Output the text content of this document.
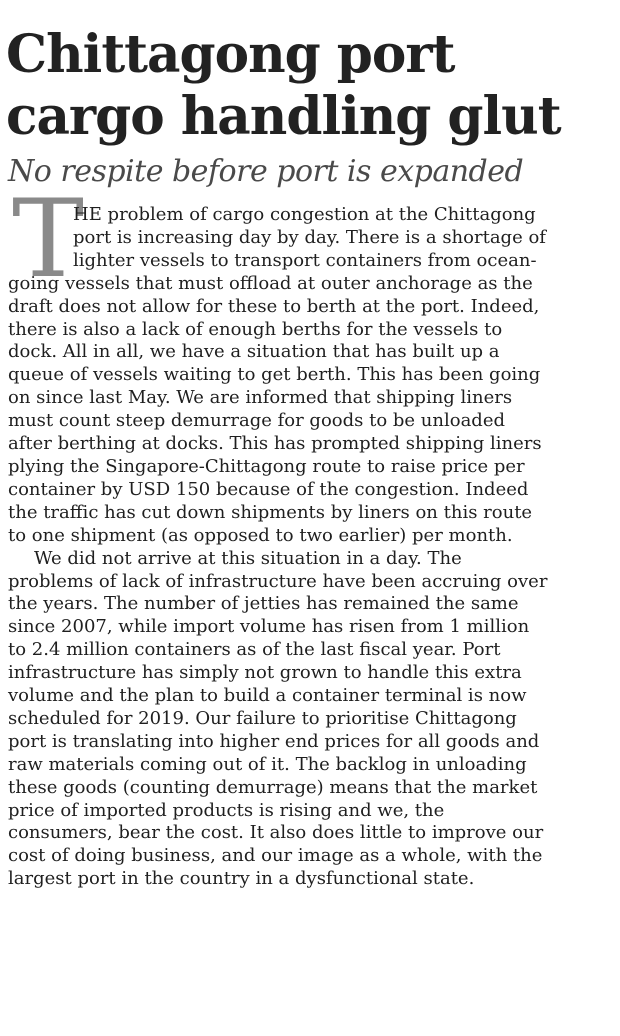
Chittagong port
cargo handling glut
No respite before port is expanded
T
HE problem of cargo congestion at the Chittagong
port is increasing day by day. There is a shortage of
lighter vessels to transport containers from ocean-
going vessels that must offload at outer anchorage as the
draft does not allow for these to berth at the port. Indeed,
there is also a lack of enough berths for the vessels to
dock. All in all, we have a situation that has built up a
queue of vessels waiting to get berth. This has been going
on since last May. We are informed that shipping liners
must count steep demurrage for goods to be unloaded
after berthing at docks. This has prompted shipping liners
plying the Singapore-Chittagong route to raise price per
container by USD 150 because of the congestion. Indeed
the traffic has cut down shipments by liners on this route
to one shipment (as opposed to two earlier) per month.
We did not arrive at this situation in a day. The
problems of lack of infrastructure have been accruing over
the years. The number of jetties has remained the same
since 2007, while import volume has risen from 1 million
to 2.4 million containers as of the last fiscal year. Port
infrastructure has simply not grown to handle this extra
volume and the plan to build a container terminal is now
scheduled for 2019. Our failure to prioritise Chittagong
port is translating into higher end prices for all goods and
raw materials coming out of it. The backlog in unloading
these goods (counting demurrage) means that the market
price of imported products is rising and we, the
consumers, bear the cost. It also does little to improve our
cost of doing business, and our image as a whole, with the
largest port in the country in a dysfunctional state.
